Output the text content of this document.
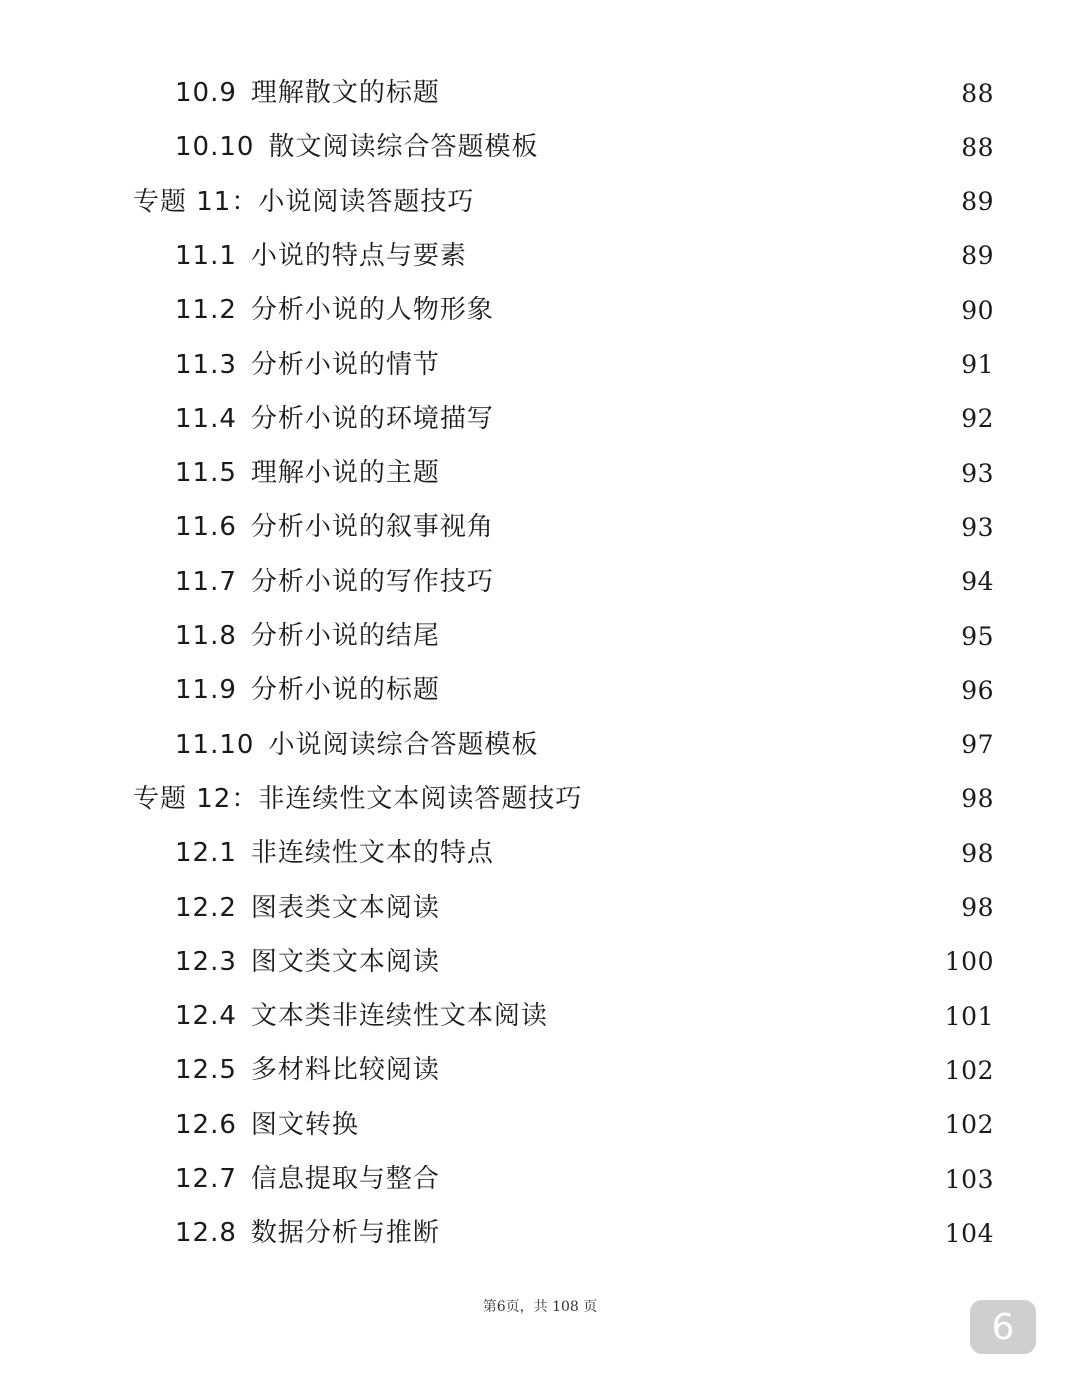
10.9 理解散文的标题	88
10.10 散文阅读综合答题模板	88
专题 11：小说阅读答题技巧	89
11.1 小说的特点与要素	89
11.2 分析小说的人物形象	90
11.3 分析小说的情节	91
11.4 分析小说的环境描写	92
11.5 理解小说的主题	93
11.6 分析小说的叙事视角	93
11.7 分析小说的写作技巧	94
11.8 分析小说的结尾	95
11.9 分析小说的标题	96
11.10 小说阅读综合答题模板	97
专题 12：非连续性文本阅读答题技巧	98
12.1 非连续性文本的特点	98
12.2 图表类文本阅读	98
12.3 图文类文本阅读	100
12.4 文本类非连续性文本阅读	101
12.5 多材料比较阅读	102
12.6 图文转换	102
12.7 信息提取与整合	103
12.8 数据分析与推断	104
第6页，共 108 页	6
